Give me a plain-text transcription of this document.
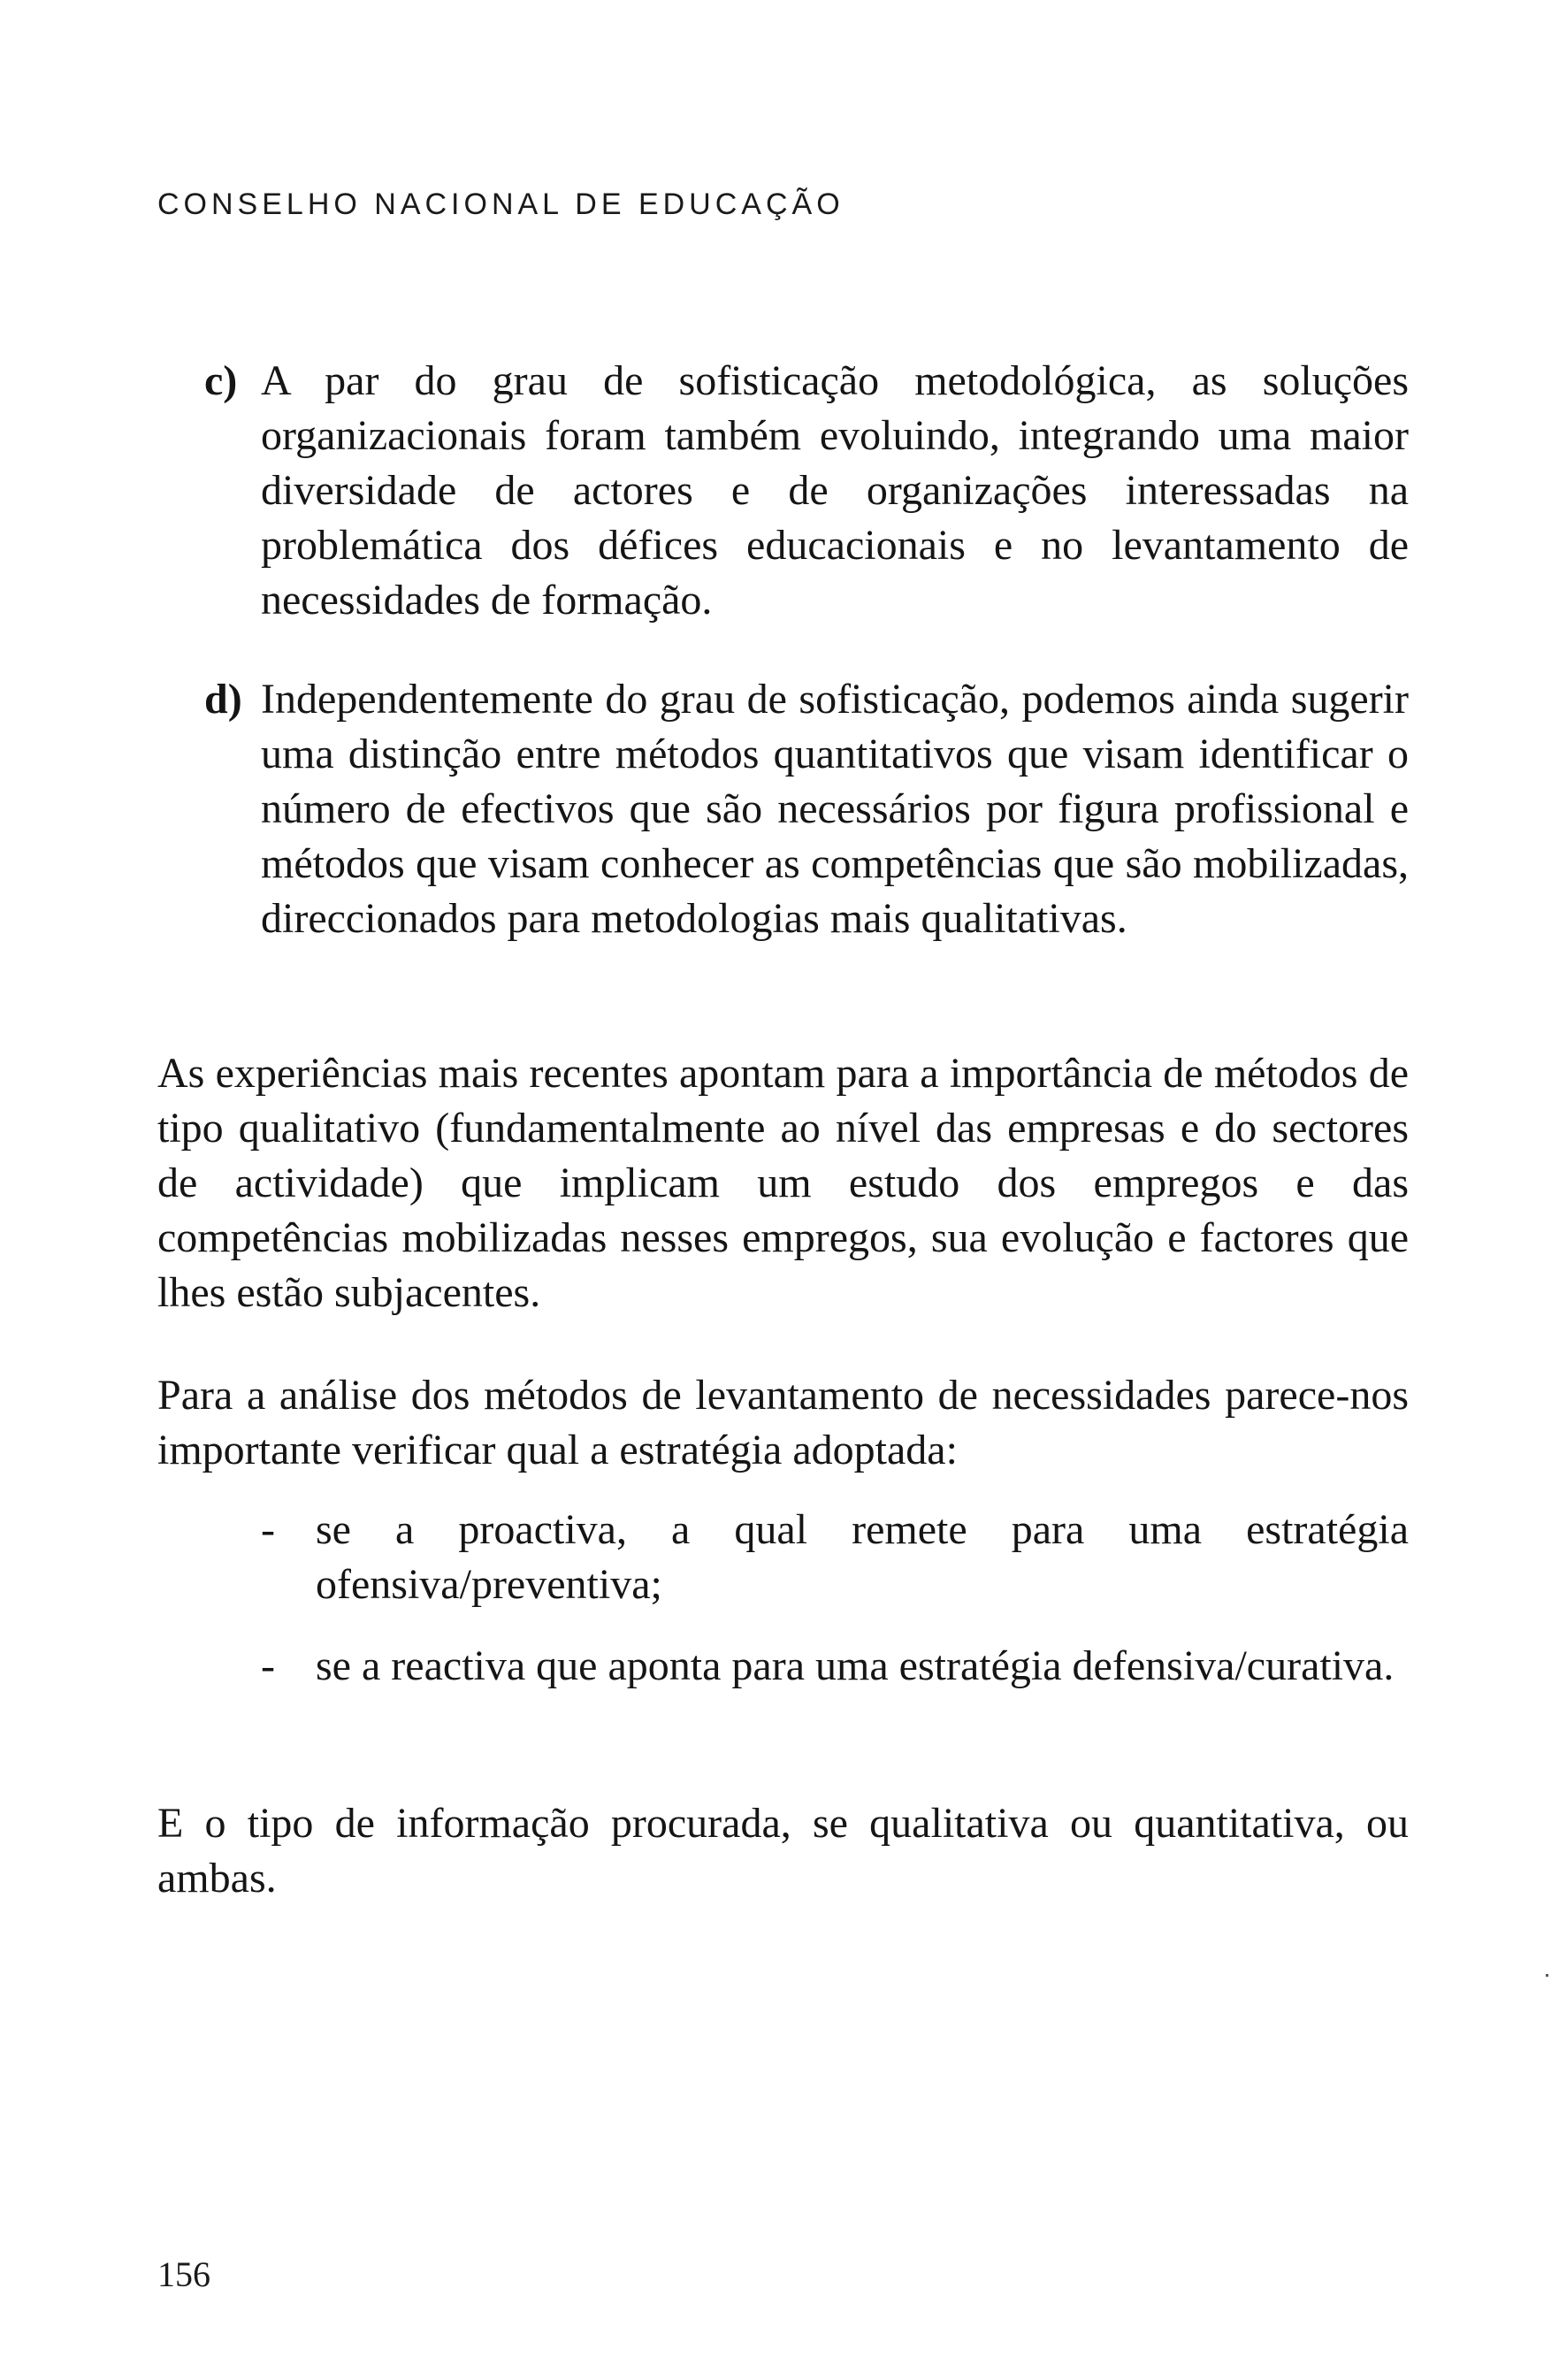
CONSELHO NACIONAL DE EDUCAÇÃO
c) A par do grau de sofisticação metodológica, as soluções organizacionais foram também evoluindo, integrando uma maior diversidade de actores e de organizações interessadas na problemática dos défices educacionais e no levantamento de necessidades de formação.
d) Independentemente do grau de sofisticação, podemos ainda sugerir uma distinção entre métodos quantitativos que visam identificar o número de efectivos que são necessários por figura profissional e métodos que visam conhecer as competências que são mobilizadas, direccionados para metodologias mais qualitativas.
As experiências mais recentes apontam para a importância de métodos de tipo qualitativo (fundamentalmente ao nível das empresas e do sectores de actividade) que implicam um estudo dos empregos e das competências mobilizadas nesses empregos, sua evolução e factores que lhes estão subjacentes.
Para a análise dos métodos de levantamento de necessidades parece-nos importante verificar qual a estratégia adoptada:
- se a proactiva, a qual remete para uma estratégia ofensiva/preventiva;
- se a reactiva que aponta para uma estratégia defensiva/curativa.
E o tipo de informação procurada, se qualitativa ou quantitativa, ou ambas.
156
